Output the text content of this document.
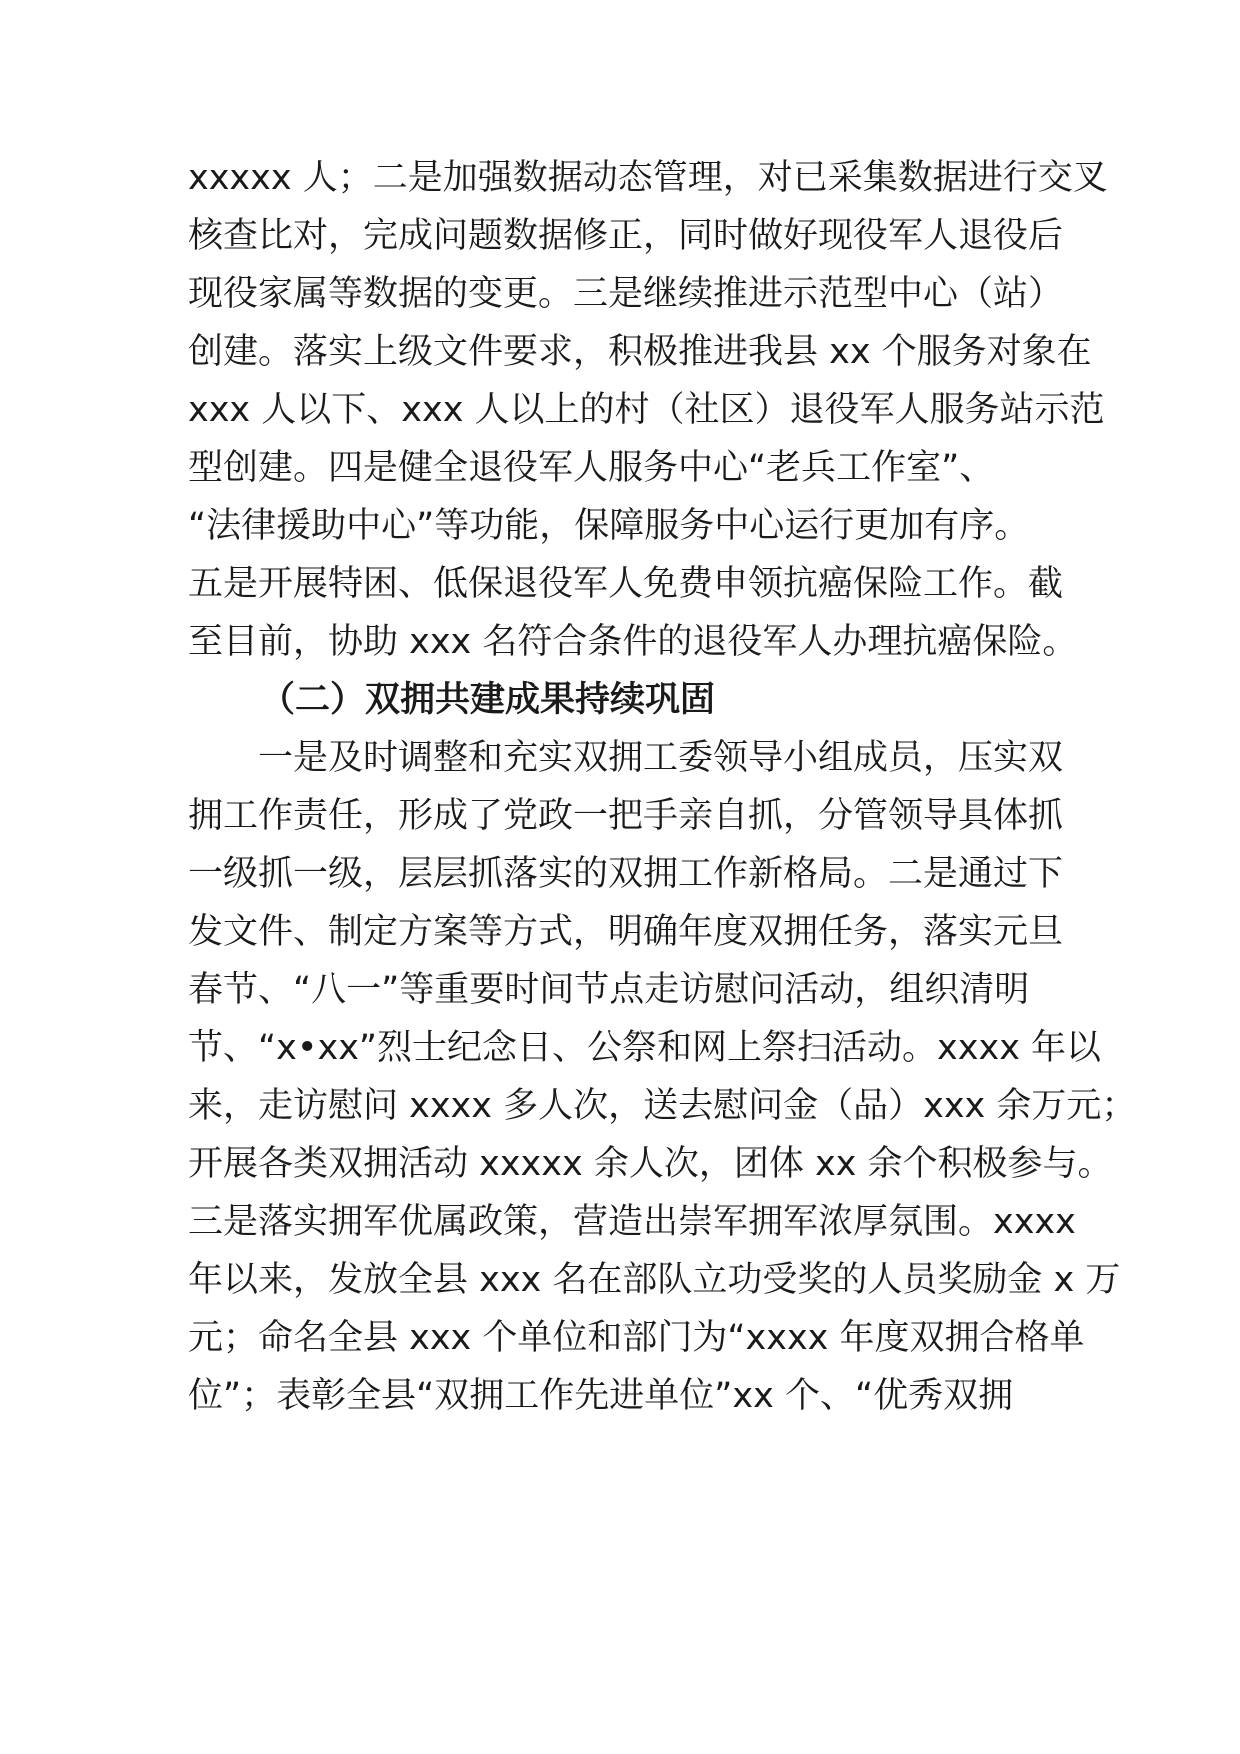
xxxxx 人；二是加强数据动态管理，对已采集数据进行交叉
核查比对，完成问题数据修正，同时做好现役军人退役后
现役家属等数据的变更。三是继续推进示范型中心（站）
创建。落实上级文件要求，积极推进我县 xx 个服务对象在
xxx 人以下、xxx 人以上的村（社区）退役军人服务站示范
型创建。四是健全退役军人服务中心“老兵工作室”、
“法律援助中心”等功能，保障服务中心运行更加有序。
五是开展特困、低保退役军人免费申领抗癌保险工作。截
至目前，协助 xxx 名符合条件的退役军人办理抗癌保险。
（二）双拥共建成果持续巩固
一是及时调整和充实双拥工委领导小组成员，压实双
拥工作责任，形成了党政一把手亲自抓，分管领导具体抓
一级抓一级，层层抓落实的双拥工作新格局。二是通过下
发文件、制定方案等方式，明确年度双拥任务，落实元旦
春节、“八一”等重要时间节点走访慰问活动，组织清明
节、“x•xx”烈士纪念日、公祭和网上祭扫活动。xxxx 年以
来，走访慰问 xxxx 多人次，送去慰问金（品）xxx 余万元；
开展各类双拥活动 xxxxx 余人次，团体 xx 余个积极参与。
三是落实拥军优属政策，营造出崇军拥军浓厚氛围。xxxx
年以来，发放全县 xxx 名在部队立功受奖的人员奖励金 x 万
元；命名全县 xxx 个单位和部门为“xxxx 年度双拥合格单
位”；表彰全县“双拥工作先进单位”xx 个、“优秀双拥
